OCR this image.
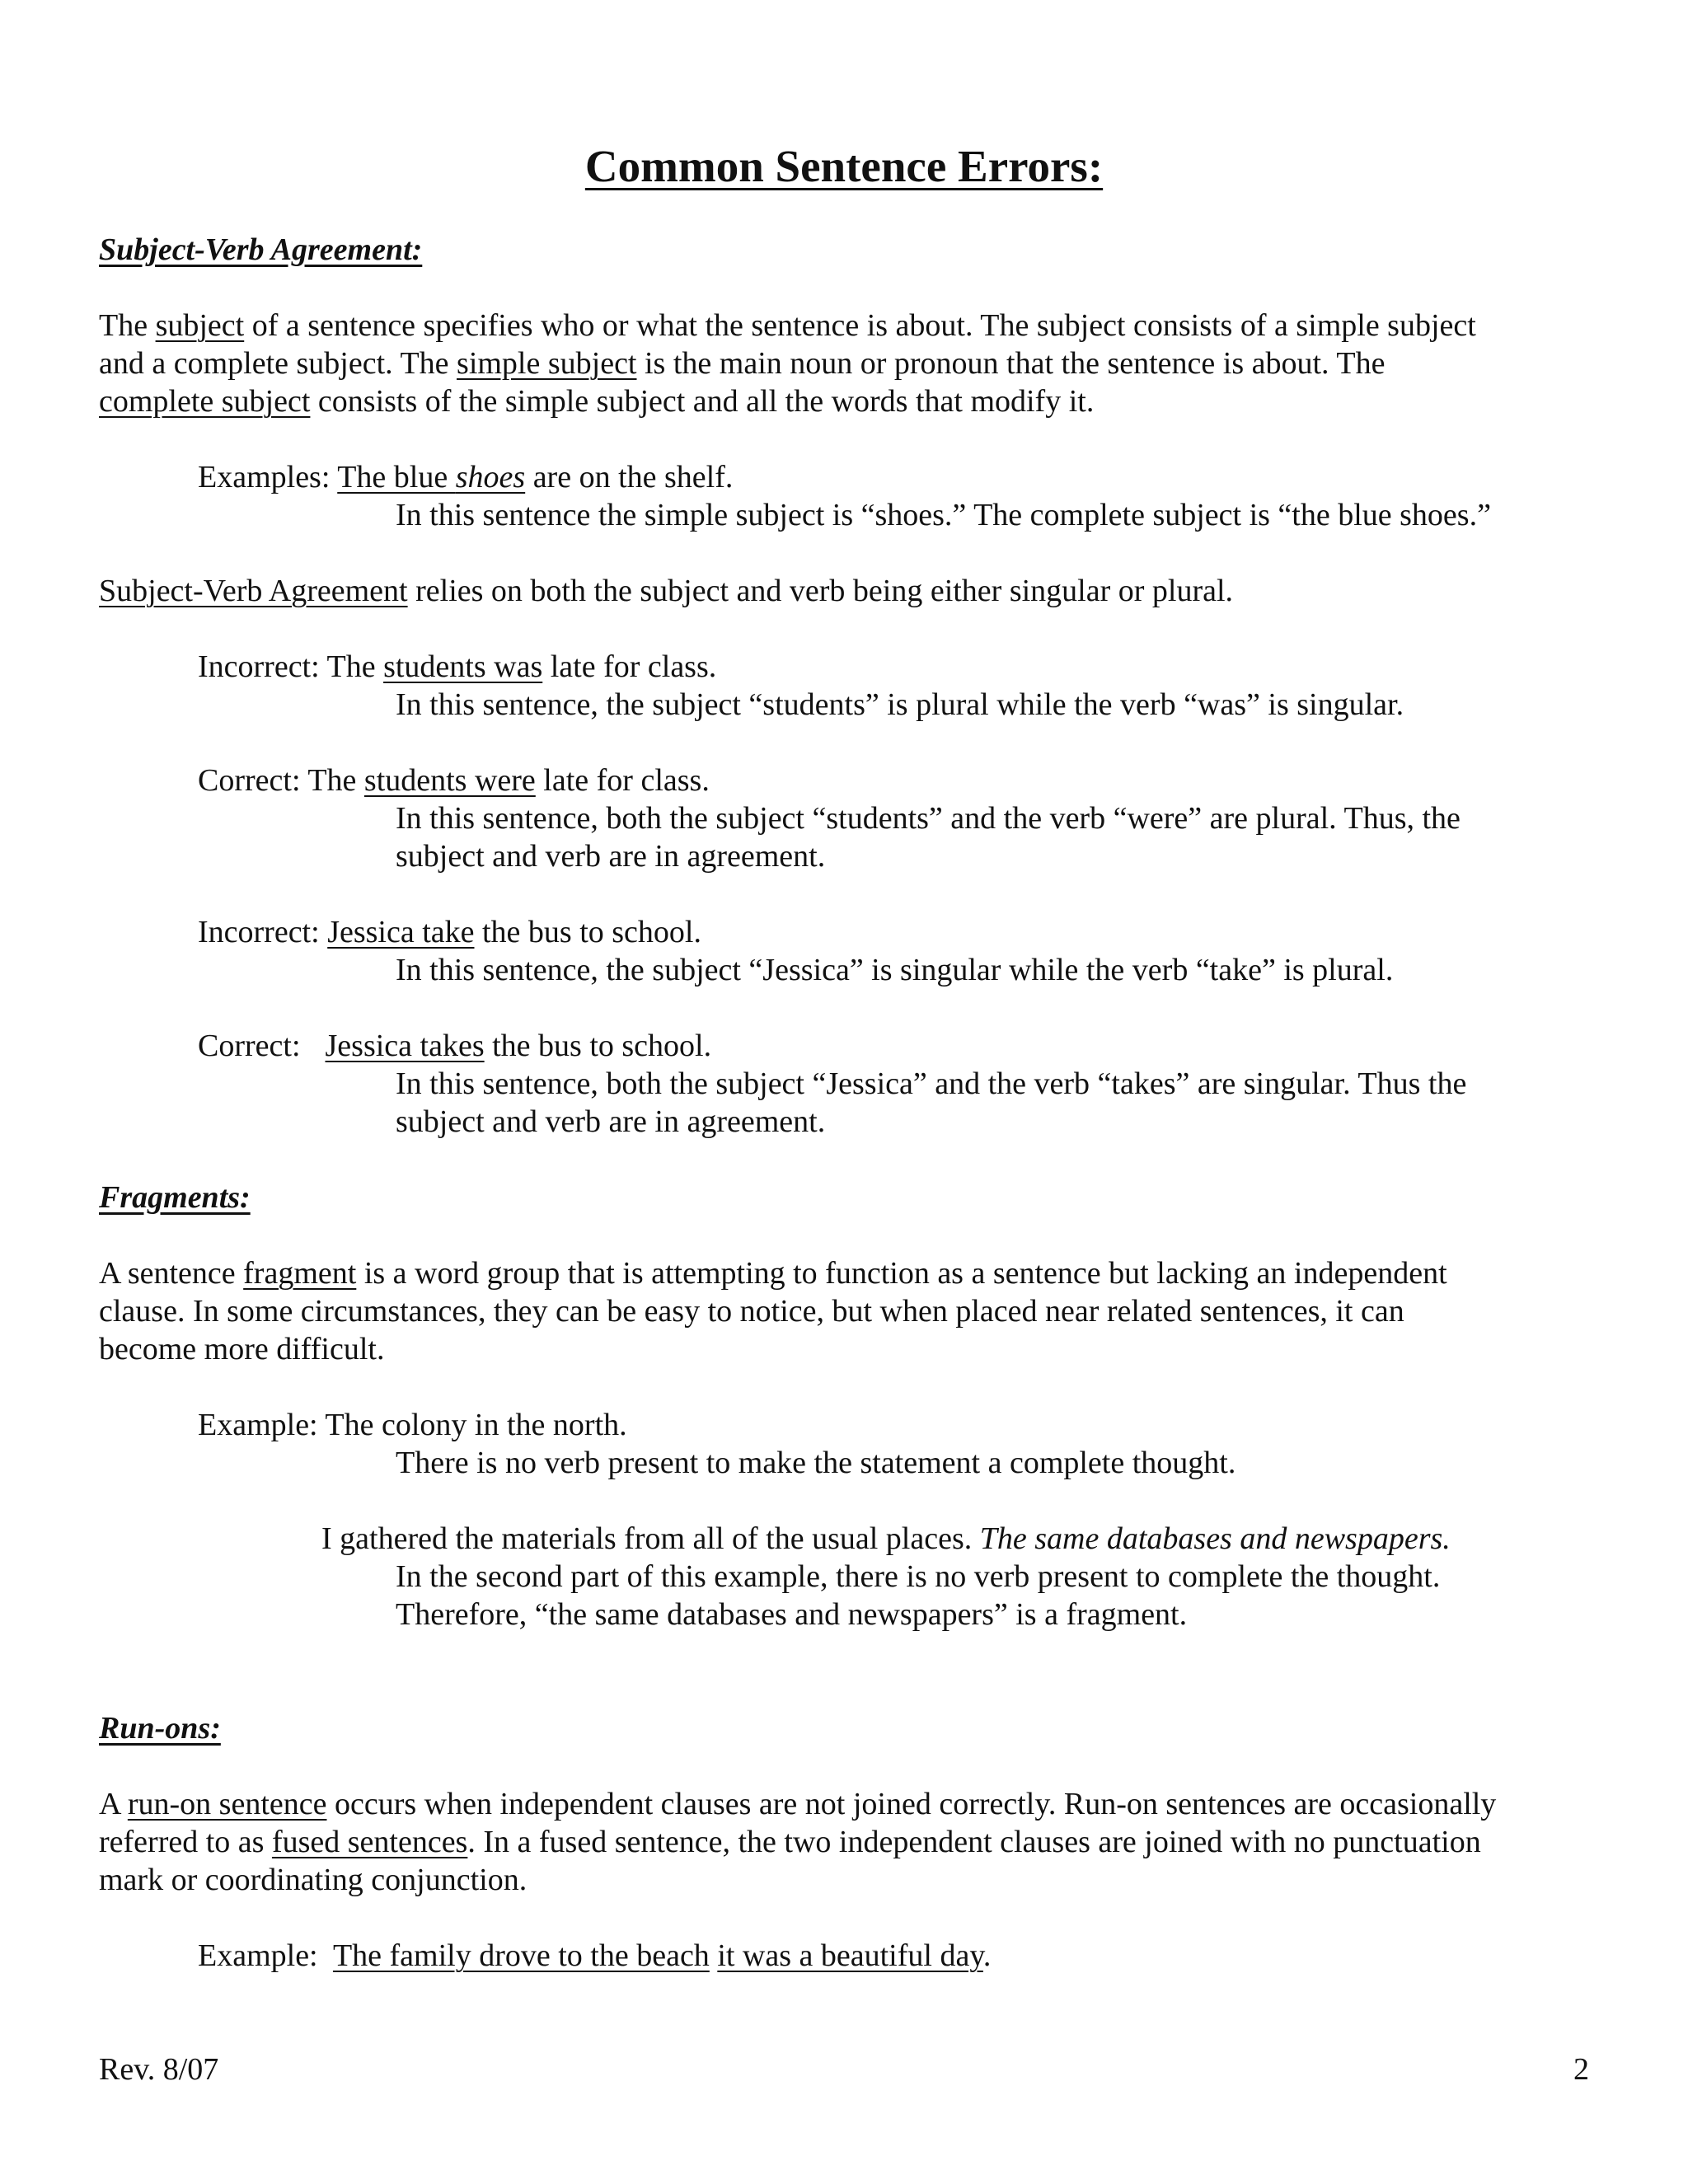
Common Sentence Errors:
Subject-Verb Agreement:
The subject of a sentence specifies who or what the sentence is about. The subject consists of a simple subject
and a complete subject. The simple subject is the main noun or pronoun that the sentence is about. The
complete subject consists of the simple subject and all the words that modify it.
Examples: The blue shoes are on the shelf.
In this sentence the simple subject is “shoes.” The complete subject is “the blue shoes.”
Subject-Verb Agreement relies on both the subject and verb being either singular or plural.
Incorrect: The students was late for class.
In this sentence, the subject “students” is plural while the verb “was” is singular.
Correct: The students were late for class.
In this sentence, both the subject “students” and the verb “were” are plural. Thus, the
subject and verb are in agreement.
Incorrect: Jessica take the bus to school.
In this sentence, the subject “Jessica” is singular while the verb “take” is plural.
Correct: Jessica takes the bus to school.
In this sentence, both the subject “Jessica” and the verb “takes” are singular. Thus the
subject and verb are in agreement.
Fragments:
A sentence fragment is a word group that is attempting to function as a sentence but lacking an independent
clause. In some circumstances, they can be easy to notice, but when placed near related sentences, it can
become more difficult.
Example: The colony in the north.
There is no verb present to make the statement a complete thought.
I gathered the materials from all of the usual places. The same databases and newspapers.
In the second part of this example, there is no verb present to complete the thought.
Therefore, “the same databases and newspapers” is a fragment.
Run-ons:
A run-on sentence occurs when independent clauses are not joined correctly. Run-on sentences are occasionally
referred to as fused sentences. In a fused sentence, the two independent clauses are joined with no punctuation
mark or coordinating conjunction.
Example:  The family drove to the beach it was a beautiful day.
Rev. 8/07	2
